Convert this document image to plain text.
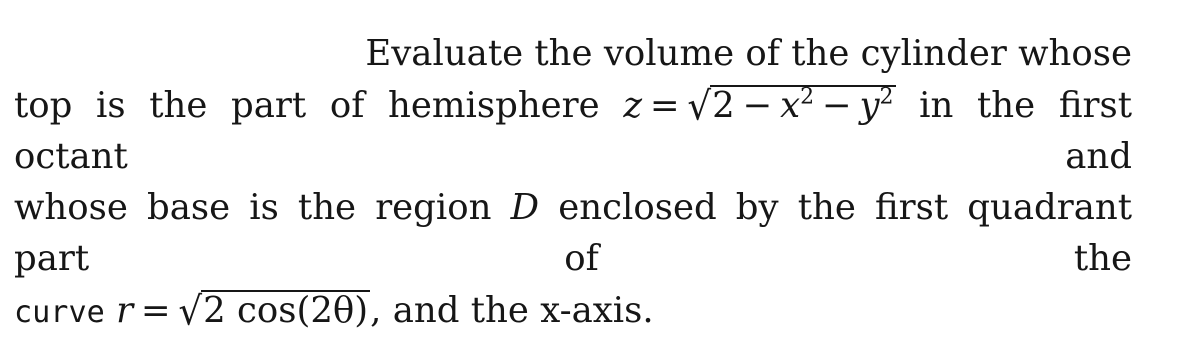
Evaluate the volume of the cylinder whose
top is the part of hemisphere $z = √2 - x^2 - y^2$ in the first octant and
whose base is the region D enclosed by the first quadrant part of the
curve r = √2 cos(2θ), and the x-axis.
